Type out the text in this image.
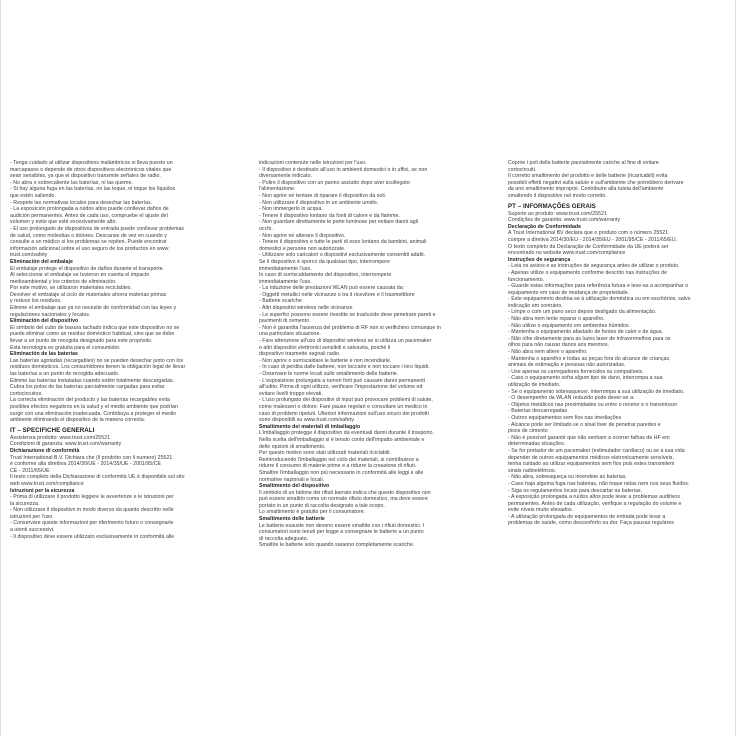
- Tenga cuidado al utilizar dispositivos inalámbricos si lleva puesto un

marcapasos o depende de otros dispositivos electrónicos vitales que

sean sensibles, ya que el dispositivo transmite señales de radio.

- No abra o sobrecaliente las baterías, ni las queme.

- Si hay alguna fuga en las baterías, no las toque, ni toque los líquidos

que estén saliendo.

- Respete las normativas locales para desechar las baterías.

- La exposición prolongada a ruidos altos puede conllevar daños de

audición permanentes. Antes de cada uso, compruebe el ajuste del

volumen y evite que esté excesivamente alto.

- El uso prolongado de dispositivos de entrada puede conllevar problemas

de salud, como molestias o dolores. Descanse de vez en cuando y

consulte a un médico si los problemas se repiten. Puede encontrar

información adicional sobre el uso seguro de los productos en www.

trust.com/safety

Eliminación del embalaje

El embalaje protege el dispositivo de daños durante el transporte.

Al seleccionar el embalaje se tuvieron en cuenta el impacto

medioambiental y los criterios de eliminación.

Por este motivo, se utilizaron materiales reciclables.

Devolver el embalaje al ciclo de materiales ahorra materias primas

y reduce los residuos.

Elimine el embalaje que ya no necesite de conformidad con las leyes y

regulaciones nacionales y locales.

Eliminación del dispositivo

El símbolo del cubo de basura tachado indica que este dispositivo no se

puede eliminar como un residuo doméstico habitual, sino que se debe

llevar a un punto de recogida designado para este propósito.

Esta tecnología es gratuita para el consumidor.

Eliminación de las baterías

Las baterías agotadas (recargables) no se pueden desechar junto con los

residuos domésticos. Los consumidores tienen la obligación legal de llevar

las baterías a un punto de recogida adecuado.

Elimine las baterías instaladas cuando estén totalmente descargadas.

Cubra los polos de las baterías parcialmente cargadas para evitar

cortocircuitos.

La correcta eliminación del producto y las baterías recargables evita

posibles efectos negativos en la salud y el medio ambiente que podrían

surgir con una eliminación inadecuada. Contribuya a proteger el medio

ambiente eliminando el dispositivo de la manera correcta.

IT – SPECIFICHE GENERALI

Assistenza prodotto: www.trust.com/25521

Condizioni di garanzia: www.trust.com/warranty

Dichiarazione di conformità

Trust International B.V. Dichiara che (il prodotto con il numero) 25521

è conforme alla direttiva 2014/30/UE - 2014/35/UE - 2001/95/CE

CE - 2011/65/UE

Il testo completo della Dichiarazione di conformità UE è disponibile sul sito

web www.trust.com/compliance

Istruzioni per la sicurezza

- Prima di utilizzare il prodotto leggere le avvertenze e le istruzioni per

la sicurezza.

- Non utilizzare il dispositivo in modo diverso da quanto descritto nelle

istruzioni per l'uso.

- Conservare queste informazioni per riferimento futuro o consegnarle

a utenti successivi.

- Il dispositivo deve essere utilizzato esclusivamente in conformità alle

indicazioni contenute nelle istruzioni per l'uso.

- Il dispositivo è destinato all'uso in ambienti domestici o in uffici, se non

diversamente indicato.

- Pulire il dispositivo con un panno asciutto dopo aver scollegato

l'alimentazione.

- Non aprire né tentare di riparare il dispositivo da soli.

- Non utilizzare il dispositivo in un ambiente umido.

- Non immergerlo in acqua.

- Tenere il dispositivo lontano da fonti di calore e da fiamme.

- Non guardare direttamente le porte luminose per evitare danni agli

occhi.

- Non aprire né alterare il dispositivo.

- Tenere il dispositivo e tutte le parti di esso lontano da bambini, animali

domestici e persone non autorizzate.

- Utilizzare solo caricatori o dispositivi esclusivamente consentiti adatti.

Se il dispositivo è sporco da qualsiasi tipo, interrompere

immediatamente l'uso.

In caso di surriscaldamento del dispositivo, interrompere

immediatamente l'uso.

- La riduzione delle prestazioni WLAN può essere causata da:

- Oggetti metallici nelle vicinanze o tra il ricevitore e il trasmettitore

- Batterie scariche

- Altri dispositivi wireless nelle vicinanze

- Le superfici possono essere rivestite se traslucide deve penetrare pareti e

pavimenti di cemento

- Non è garantita l'assenza del problema di RF non si verifichino comunque in

una particolare situazione.

- Fare attenzione all'uso di dispositivi wireless se si utilizza un pacemaker

o altri dispositivi elettronici sensibili e salvavita, poiché il

dispositivo trasmette segnali radio.

- Non aprire o surriscaldare le batterie e non incendiarle.

- In caso di perdita dalle batterie, non toccarle e non toccare i loro liquidi.

- Osservare le norme locali sullo smaltimento delle batterie.

- L'esposizione prolungata a rumori forti può causare danni permanenti

all'udito. Prima di ogni utilizzo, verificare l'impostazione del volume ed

evitare livelli troppo elevati.

- L'uso prolungato dei dispositivi di input può provocare problemi di salute,

come malesseri o dolore. Fare pause regolari e consultare un medico in

caso di problemi ripetuti. Ulteriori informazioni sull'uso sicuro dei prodotti

sono disponibili su www.trust.com/safety.

Smaltimento dei materiali di imballaggio

L'imballaggio protegge il dispositivo da eventuali danni durante il trasporto.

Nella scelta dell'imballaggio si è tenuto conto dell'impatto ambientale e

delle opzioni di smaltimento.

Per questo motivo sono stati utilizzati materiali riciclabili.

Reintroducendo l'imballaggio nel ciclo dei materiali, si contribuisce a

ridurre il consumo di materie prime e a ridurre la creazione di rifiuti.

Smaltire l'imballaggio non più necessario in conformità alle leggi e alle

normative nazionali e locali.

Smaltimento del dispositivo

Il simbolo di un bidone dei rifiuti barrato indica che questo dispositivo non

può essere smaltito come un normale rifiuto domestico, ma deve essere

portato in un punto di raccolta designato a tale scopo.

Lo smaltimento è gratuito per il consumatore.

Smaltimento delle batterie

Le batterie esauste non devono essere smaltite con i rifiuti domestici. I

consumatori sono tenuti per legge a consegnare le batterie a un punto

di raccolta adeguato.

Smaltire le batterie solo quando saranno completamente scariche.

Coprire i poli delle batterie parzialmente cariche al fine di evitare

cortocircuiti.

Il corretto smaltimento del prodotto e delle batterie (ricaricabili) evita

possibili effetti negativi sulla salute e sull'ambiente che potrebbero derivare

da uno smaltimento improprio. Contribuire alla tutela dell'ambiente

smaltendo il dispositivo nel modo corretto.

PT – INFORMAÇÕES GERAIS

Suporte ao produto: www.trust.com/25521

Condições de garantia: www.trust.com/warranty

Declaração de Conformidade

A Trust International BV declara que o produto com o número 25521

cumpre a diretiva 2014/30/EU - 2014/35/EU - 2001/95/CE - 2011/65/EU.

O texto completo da Declaração de Conformidade da UE poderá ser

encontrado no website www.trust.com/compliance

Instruções de segurança

- Leia os avisos e as instruções de segurança antes de utilizar o produto.

- Apenas utilize o equipamento conforme descrito nas instruções de

funcionamento.

- Guarde estas informações para referência futura e leve-as a acompanhar o

equipamento em caso de mudança de propriedade.

- Este equipamento destina-se à utilização doméstica ou em escritórios, salvo

indicação em contrário.

- Limpe o com um pano seco depois desligado da alimentação.

- Não abra nem tente reparar o aparelho.

- Não utilize o equipamento em ambientes húmidos.

- Mantenha o equipamento afastado de fontes de calor e de água.

- Não olhe diretamente para as luzes laser de infravermelhos para os

olhos para não causar danos aos mesmos.

- Não abra nem altere o aparelho.

- Mantenha o aparelho e todas as peças fora do alcance de crianças,

animais de estimação e pessoas não autorizadas.

- Use apenas os carregadores fornecidos ou compatíveis.

- Caso o equipamento sofra algum tipo de dano, interrompa a sua

utilização de imediato.

- Se o equipamento sobreaquecer, interrompa a sua utilização de imediato.

- O desempenho da WLAN reduzido pode dever-se a:

- Objetos metálicos nas proximidades ou entre o recetor e o transmissor

- Baterias descarregadas

- Outros equipamentos sem fios nas imediações

- Alcance pode ser limitado se o sinal tiver de penetrar paredes e

pisos de cimento

- Não é possível garantir que não venham a ocorrer falhas de HF em

determinadas situações.

- Se for portador de um pacemaker (estimulador cardíaco) ou se a sua vida

depender de outros equipamentos médicos eletronicamente sensíveis,

tenha cuidado ao utilizar equipamentos sem fios pois estes transmitem

sinais radioelétricos.

- Não abra, sobreaqueça ou incendeie as baterias.

- Caso haja alguma fuga nas baterias, não toque nelas nem nos seus fluidos.

- Siga os regulamentos locais para descartar as baterias.

- A exposição prolongada a ruídos altos pode levar a problemas auditivos

permanentes. Antes de cada utilização, verifique a regulação do volume e

evite níveis muito elevados.

- A utilização prolongada de equipamentos de entrada pode levar a

problemas de saúde, como desconforto ou dor. Faça pausas regulares
